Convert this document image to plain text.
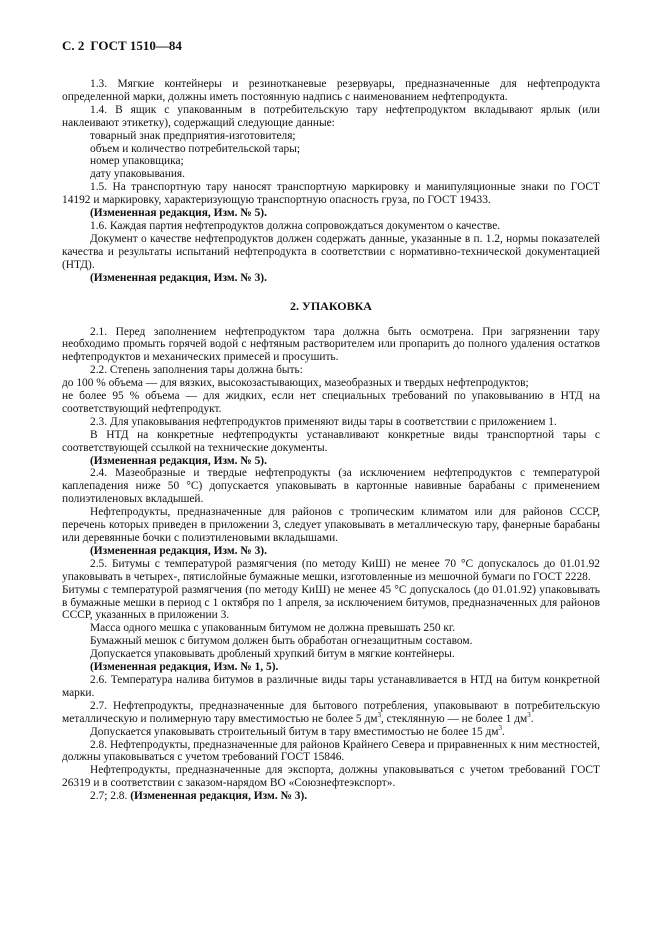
С. 2 ГОСТ 1510—84

1.3. Мягкие контейнеры и резинотканевые резервуары, предназначенные для нефтепродукта определенной марки, должны иметь постоянную надпись с наименованием нефтепродукта.

1.4. В ящик с упакованным в потребительскую тару нефтепродуктом вкладывают ярлык (или наклеивают этикетку), содержащий следующие данные:

товарный знак предприятия-изготовителя;

объем и количество потребительской тары;

номер упаковщика;

дату упаковывания.

1.5. На транспортную тару наносят транспортную маркировку и манипуляционные знаки по ГОСТ 14192 и маркировку, характеризующую транспортную опасность груза, по ГОСТ 19433.

(Измененная редакция, Изм. № 5).

1.6. Каждая партия нефтепродуктов должна сопровождаться документом о качестве.

Документ о качестве нефтепродуктов должен содержать данные, указанные в п. 1.2, нормы показателей качества и результаты испытаний нефтепродукта в соответствии с нормативно-технической документацией (НТД).

(Измененная редакция, Изм. № 3).

2. УПАКОВКА

2.1. Перед заполнением нефтепродуктом тара должна быть осмотрена. При загрязнении тару необходимо промыть горячей водой с нефтяным растворителем или пропарить до полного удаления остатков нефтепродуктов и механических примесей и просушить.

2.2. Степень заполнения тары должна быть:

до 100 % объема — для вязких, высокозастывающих, мазеобразных и твердых нефтепродуктов;

не более 95 % объема — для жидких, если нет специальных требований по упаковыванию в НТД на соответствующий нефтепродукт.

2.3. Для упаковывания нефтепродуктов применяют виды тары в соответствии с приложением 1.

В НТД на конкретные нефтепродукты устанавливают конкретные виды транспортной тары с соответствующей ссылкой на технические документы.

(Измененная редакция, Изм. № 5).

2.4. Мазеобразные и твердые нефтепродукты (за исключением нефтепродуктов с температурой каплепадения ниже 50 °С) допускается упаковывать в картонные навивные барабаны с применением полиэтиленовых вкладышей.

Нефтепродукты, предназначенные для районов с тропическим климатом или для районов СССР, перечень которых приведен в приложении 3, следует упаковывать в металлическую тару, фанерные барабаны или деревянные бочки с полиэтиленовыми вкладышами.

(Измененная редакция, Изм. № 3).

2.5. Битумы с температурой размягчения (по методу КиШ) не менее 70 °С допускалось до 01.01.92 упаковывать в четырех-, пятислойные бумажные мешки, изготовленные из мешочной бумаги по ГОСТ 2228.

Битумы с температурой размягчения (по методу КиШ) не менее 45 °С допускалось (до 01.01.92) упаковывать в бумажные мешки в период с 1 октября по 1 апреля, за исключением битумов, предназначенных для районов СССР, указанных в приложении 3.

Масса одного мешка с упакованным битумом не должна превышать 250 кг.

Бумажный мешок с битумом должен быть обработан огнезащитным составом.

Допускается упаковывать дробленый хрупкий битум в мягкие контейнеры.

(Измененная редакция, Изм. № 1, 5).

2.6. Температура налива битумов в различные виды тары устанавливается в НТД на битум конкретной марки.

2.7. Нефтепродукты, предназначенные для бытового потребления, упаковывают в потребительскую металлическую и полимерную тару вместимостью не более 5 $дм^3$, стеклянную — не более 1 $дм^3$.

Допускается упаковывать строительный битум в тару вместимостью не более 15 $дм^3$.

2.8. Нефтепродукты, предназначенные для районов Крайнего Севера и приравненных к ним местностей, должны упаковываться с учетом требований ГОСТ 15846.

Нефтепродукты, предназначенные для экспорта, должны упаковываться с учетом требований ГОСТ 26319 и в соответствии с заказом-нарядом ВО «Союзнефтеэкспорт».

2.7; 2.8. (Измененная редакция, Изм. № 3).
